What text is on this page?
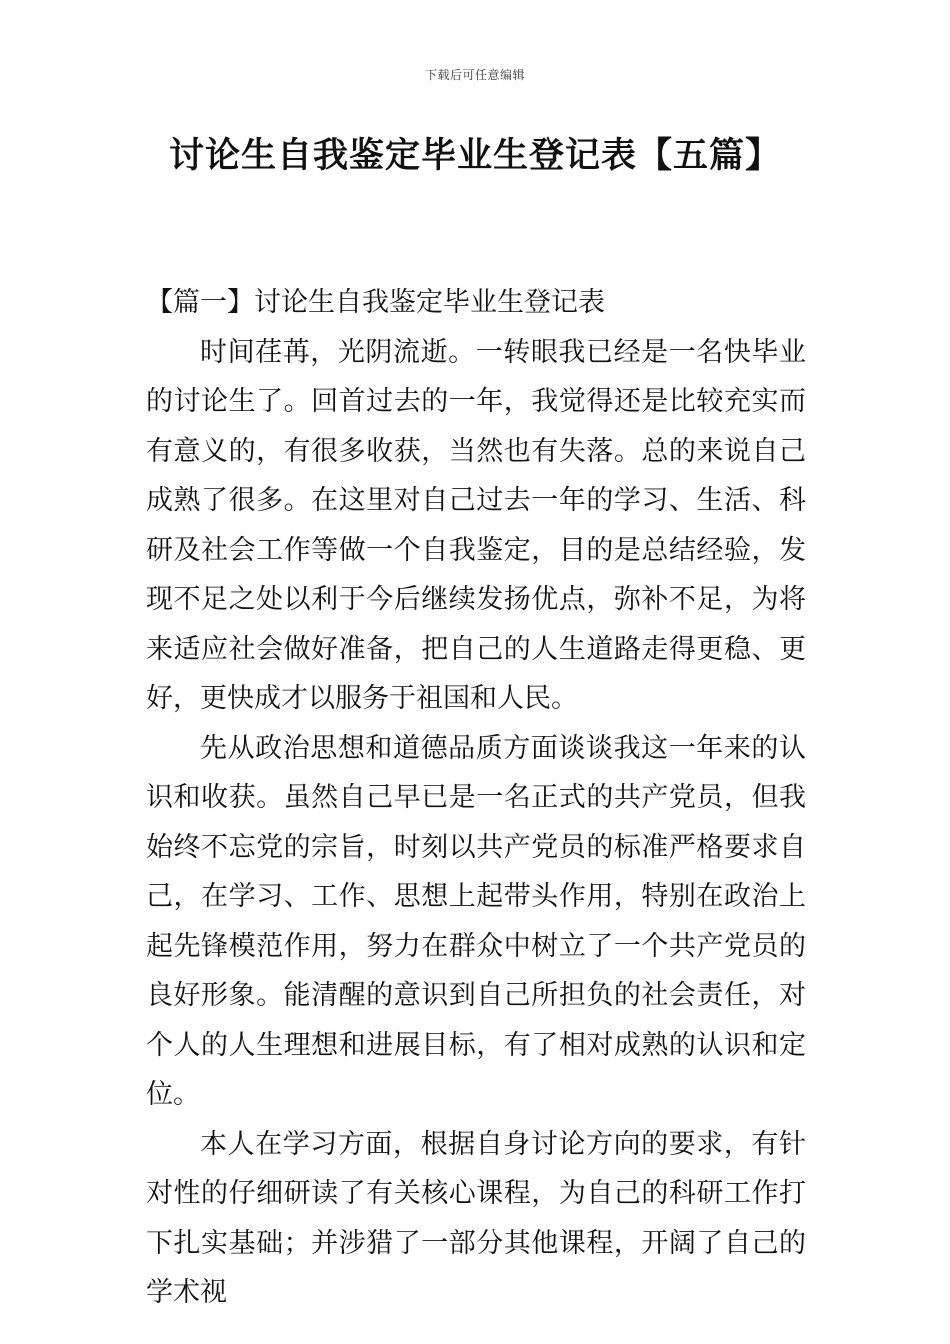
下载后可任意编辑
讨论生自我鉴定毕业生登记表【五篇】
【篇一】讨论生自我鉴定毕业生登记表

时间荏苒，光阴流逝。一转眼我已经是一名快毕业的讨论生了。回首过去的一年，我觉得还是比较充实而有意义的，有很多收获，当然也有失落。总的来说自己成熟了很多。在这里对自己过去一年的学习、生活、科研及社会工作等做一个自我鉴定，目的是总结经验，发现不足之处以利于今后继续发扬优点，弥补不足，为将来适应社会做好准备，把自己的人生道路走得更稳、更好，更快成才以服务于祖国和人民。

先从政治思想和道德品质方面谈谈我这一年来的认识和收获。虽然自己早已是一名正式的共产党员，但我始终不忘党的宗旨，时刻以共产党员的标准严格要求自己，在学习、工作、思想上起带头作用，特别在政治上起先锋模范作用，努力在群众中树立了一个共产党员的良好形象。能清醒的意识到自己所担负的社会责任，对个人的人生理想和进展目标，有了相对成熟的认识和定位。

本人在学习方面，根据自身讨论方向的要求，有针对性的仔细研读了有关核心课程，为自己的科研工作打下扎实基础；并涉猎了一部分其他课程，开阔了自己的学术视
